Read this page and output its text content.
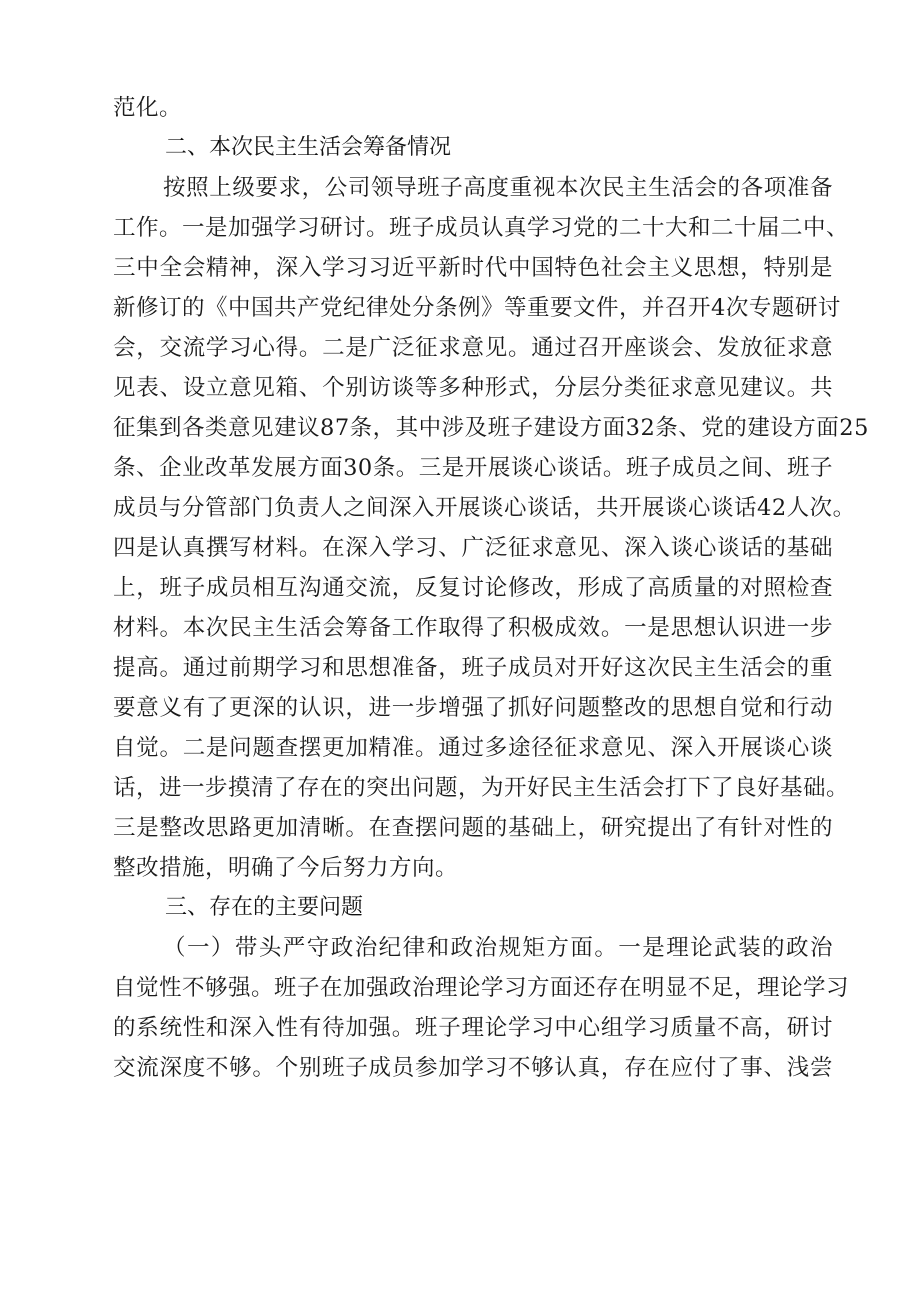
范化。
二、本次民主生活会筹备情况
按照上级要求，公司领导班子高度重视本次民主生活会的各项准备
工作。一是加强学习研讨。班子成员认真学习党的二十大和二十届二中、
三中全会精神，深入学习习近平新时代中国特色社会主义思想，特别是
新修订的《中国共产党纪律处分条例》等重要文件，并召开4次专题研讨
会，交流学习心得。二是广泛征求意见。通过召开座谈会、发放征求意
见表、设立意见箱、个别访谈等多种形式，分层分类征求意见建议。共
征集到各类意见建议87条，其中涉及班子建设方面32条、党的建设方面25
条、企业改革发展方面30条。三是开展谈心谈话。班子成员之间、班子
成员与分管部门负责人之间深入开展谈心谈话，共开展谈心谈话42人次。
四是认真撰写材料。在深入学习、广泛征求意见、深入谈心谈话的基础
上，班子成员相互沟通交流，反复讨论修改，形成了高质量的对照检查
材料。本次民主生活会筹备工作取得了积极成效。一是思想认识进一步
提高。通过前期学习和思想准备，班子成员对开好这次民主生活会的重
要意义有了更深的认识，进一步增强了抓好问题整改的思想自觉和行动
自觉。二是问题查摆更加精准。通过多途径征求意见、深入开展谈心谈
话，进一步摸清了存在的突出问题，为开好民主生活会打下了良好基础。
三是整改思路更加清晰。在查摆问题的基础上，研究提出了有针对性的
整改措施，明确了今后努力方向。
三、存在的主要问题
（一）带头严守政治纪律和政治规矩方面。一是理论武装的政治
自觉性不够强。班子在加强政治理论学习方面还存在明显不足，理论学习
的系统性和深入性有待加强。班子理论学习中心组学习质量不高，研讨
交流深度不够。个别班子成员参加学习不够认真，存在应付了事、浅尝
